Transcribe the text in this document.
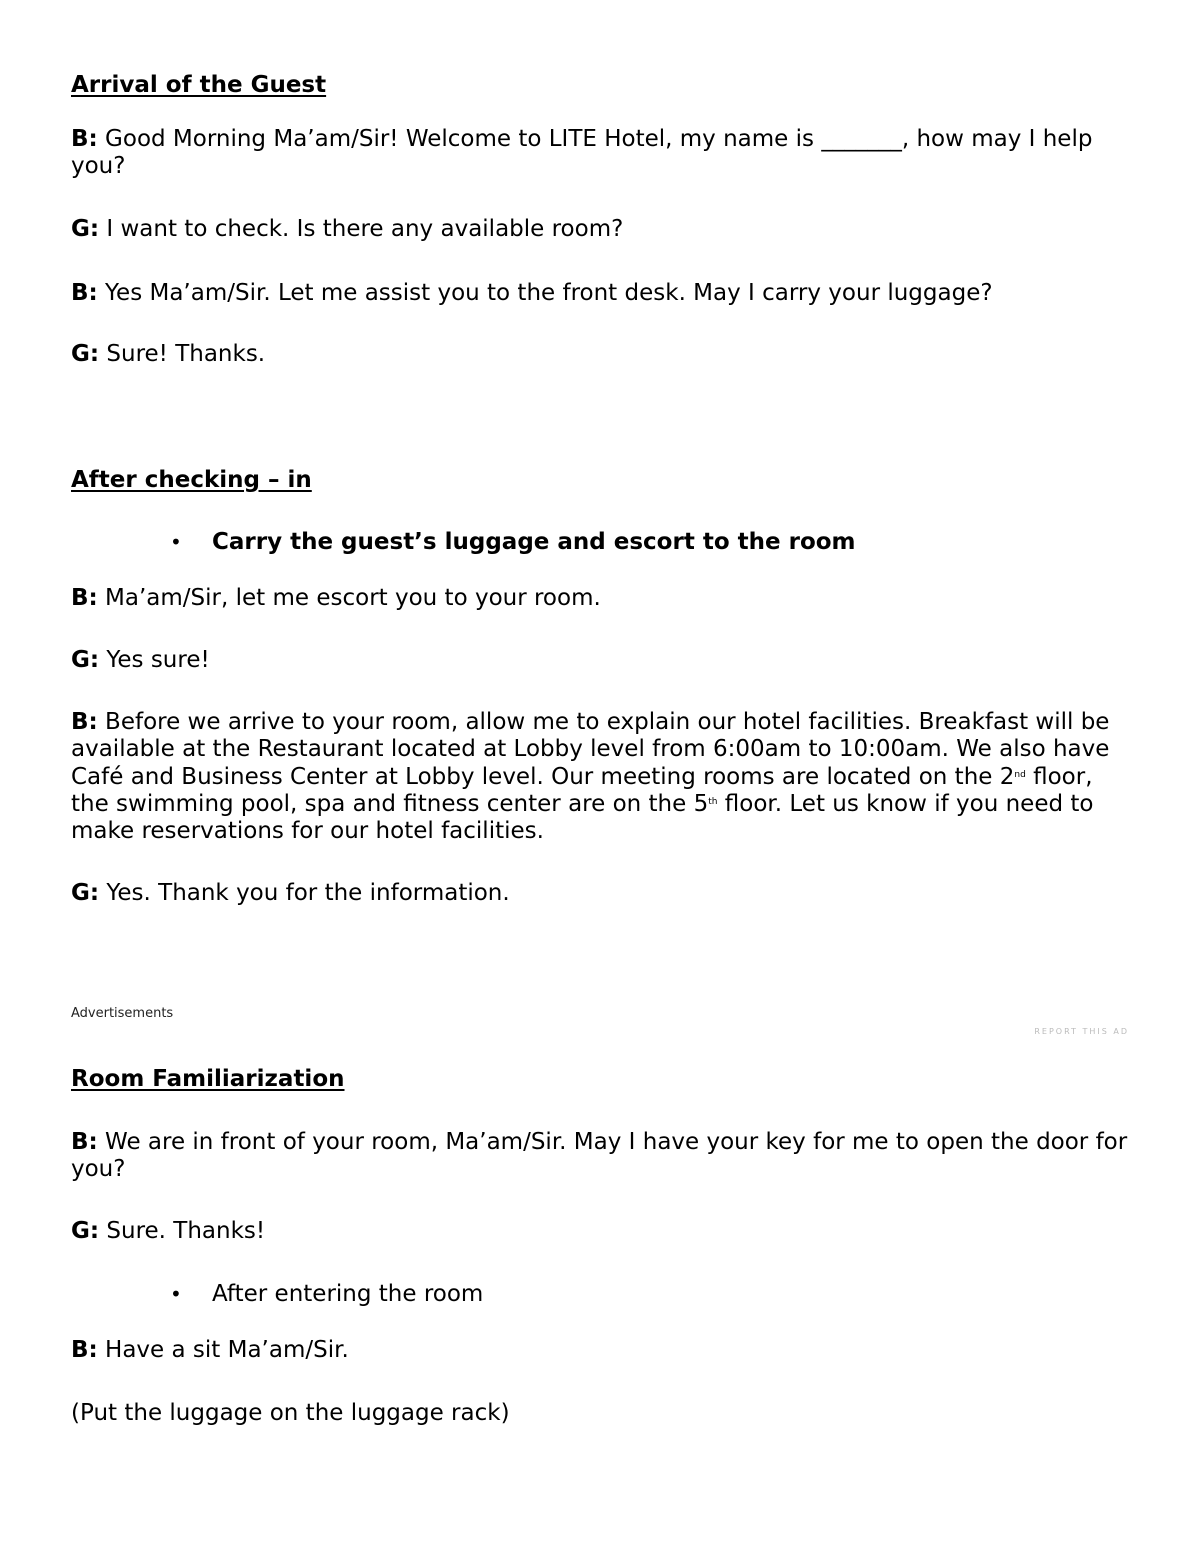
Arrival of the Guest

B: Good Morning Ma’am/Sir! Welcome to LITE Hotel, my name is _______, how may I help you?

G: I want to check. Is there any available room?

B: Yes Ma’am/Sir. Let me assist you to the front desk. May I carry your luggage?

G: Sure! Thanks.

After checking – in
• Carry the guest’s luggage and escort to the room

B: Ma’am/Sir, let me escort you to your room.

G: Yes sure!

B: Before we arrive to your room, allow me to explain our hotel facilities. Breakfast will be available at the Restaurant located at Lobby level from 6:00am to 10:00am. We also have Café and Business Center at Lobby level. Our meeting rooms are located on the 2nd floor, the swimming pool, spa and fitness center are on the 5th floor. Let us know if you need to make reservations for our hotel facilities.

G: Yes. Thank you for the information.

Advertisements
REPORT THIS AD
Room Familiarization

B: We are in front of your room, Ma’am/Sir. May I have your key for me to open the door for you?

G: Sure. Thanks!

• After entering the room

B: Have a sit Ma’am/Sir.

(Put the luggage on the luggage rack)
